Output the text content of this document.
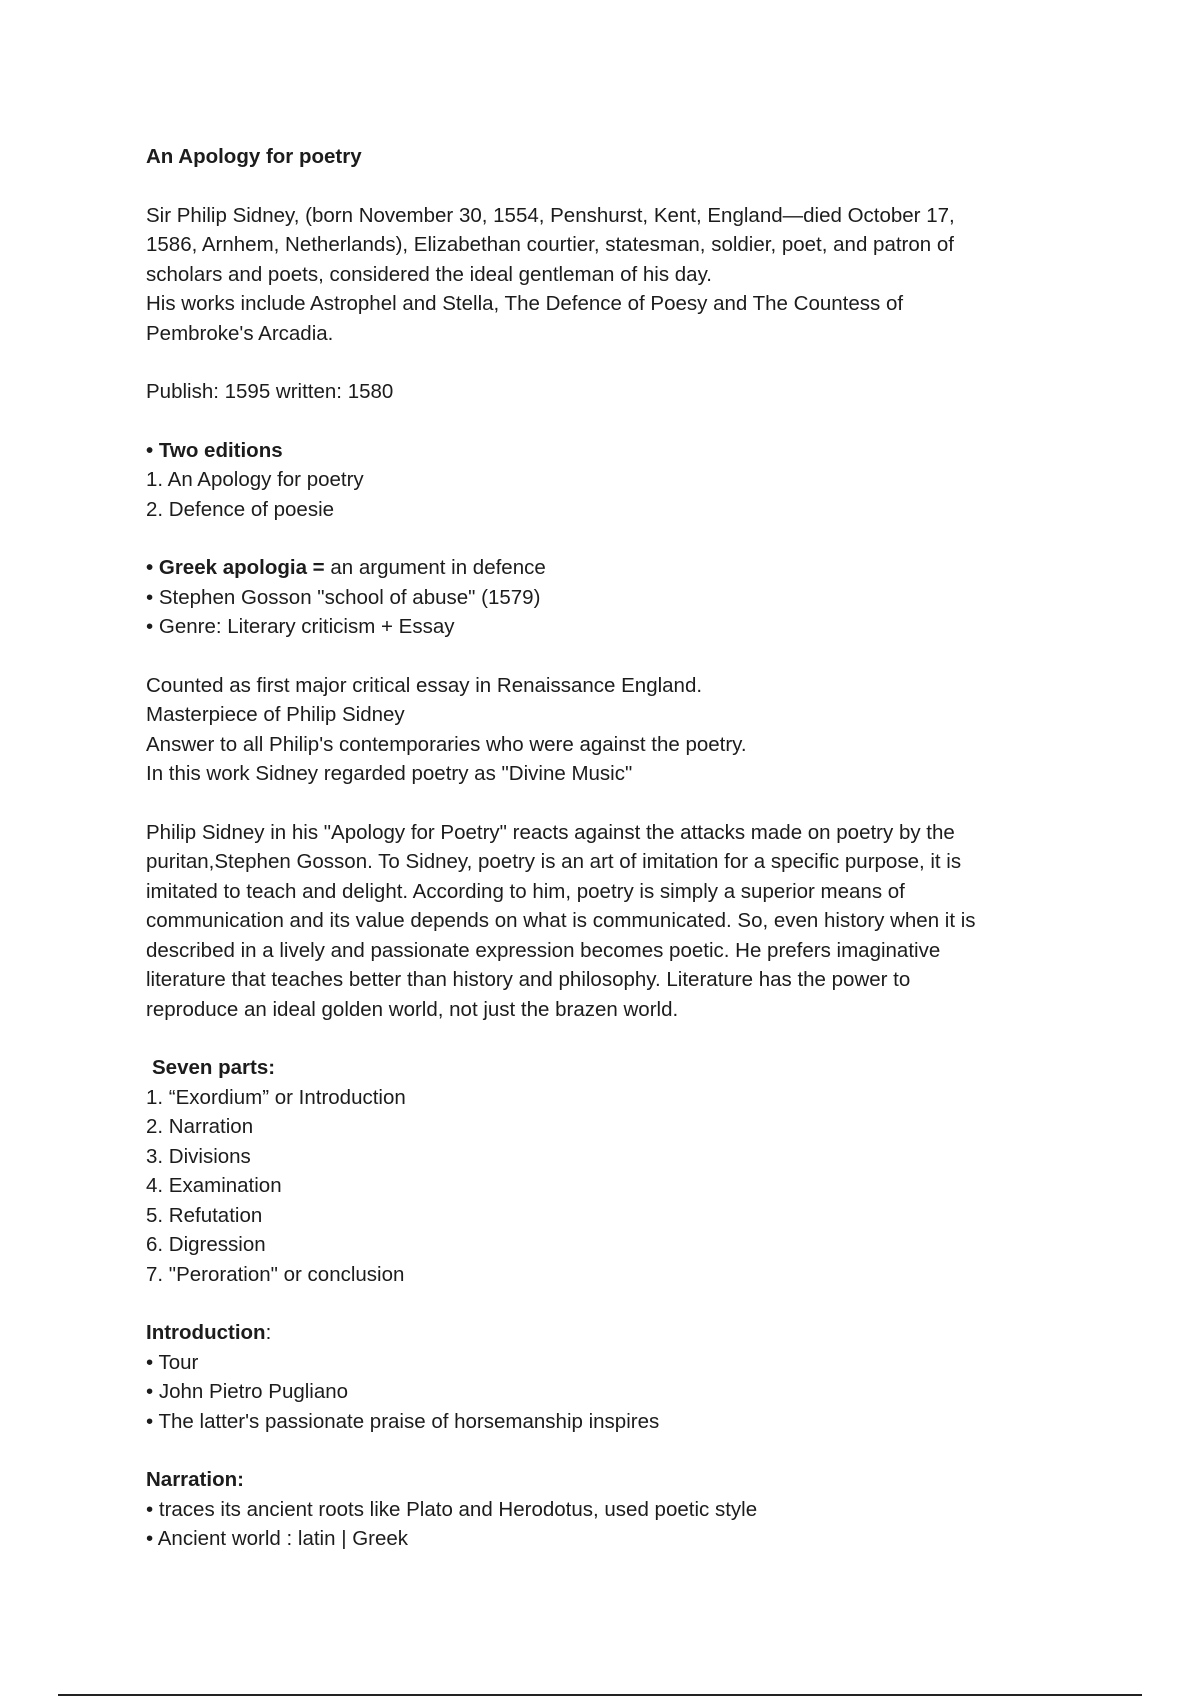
An Apology for poetry
Sir Philip Sidney, (born November 30, 1554, Penshurst, Kent, England—died October 17,
1586, Arnhem, Netherlands), Elizabethan courtier, statesman, soldier, poet, and patron of
scholars and poets, considered the ideal gentleman of his day.
His works include Astrophel and Stella, The Defence of Poesy and The Countess of
Pembroke's Arcadia.
Publish: 1595 written: 1580
• Two editions
1. An Apology for poetry
2. Defence of poesie
• Greek apologia = an argument in defence
• Stephen Gosson "school of abuse" (1579)
• Genre: Literary criticism + Essay
Counted as first major critical essay in Renaissance England.
Masterpiece of Philip Sidney
Answer to all Philip's contemporaries who were against the poetry.
In this work Sidney regarded poetry as "Divine Music"
Philip Sidney in his "Apology for Poetry" reacts against the attacks made on poetry by the
puritan,Stephen Gosson. To Sidney, poetry is an art of imitation for a specific purpose, it is
imitated to teach and delight. According to him, poetry is simply a superior means of
communication and its value depends on what is communicated. So, even history when it is
described in a lively and passionate expression becomes poetic. He prefers imaginative
literature that teaches better than history and philosophy. Literature has the power to
reproduce an ideal golden world, not just the brazen world.
Seven parts:
1. “Exordium” or Introduction
2. Narration
3. Divisions
4. Examination
5. Refutation
6. Digression
7. "Peroration" or conclusion
Introduction:
• Tour
• John Pietro Pugliano
• The latter's passionate praise of horsemanship inspires
Narration:
• traces its ancient roots like Plato and Herodotus, used poetic style
• Ancient world : latin | Greek
